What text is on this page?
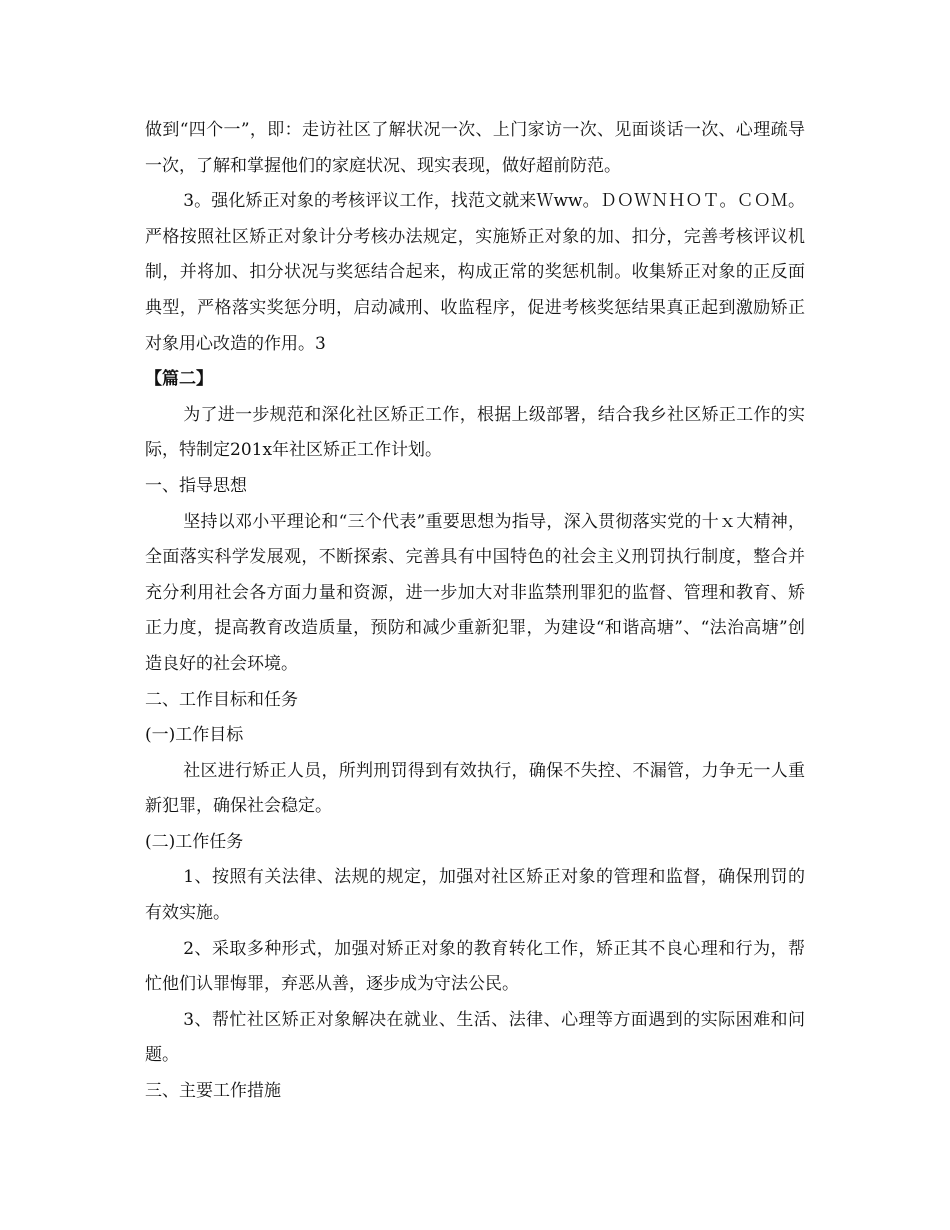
做到“四个一”，即：走访社区了解状况一次、上门家访一次、见面谈话一次、心理疏导一次，了解和掌握他们的家庭状况、现实表现，做好超前防范。

3。强化矫正对象的考核评议工作，找范文就来Ｗww。ＤＯＷＮＨＯＴ。ＣＯＭ。严格按照社区矫正对象计分考核办法规定，实施矫正对象的加、扣分，完善考核评议机制，并将加、扣分状况与奖惩结合起来，构成正常的奖惩机制。收集矫正对象的正反面典型，严格落实奖惩分明，启动减刑、收监程序，促进考核奖惩结果真正起到激励矫正对象用心改造的作用。3

【篇二】

为了进一步规范和深化社区矫正工作，根据上级部署，结合我乡社区矫正工作的实际，特制定201x年社区矫正工作计划。

一、指导思想

坚持以邓小平理论和“三个代表”重要思想为指导，深入贯彻落实党的十ｘ大精神，全面落实科学发展观，不断探索、完善具有中国特色的社会主义刑罚执行制度，整合并充分利用社会各方面力量和资源，进一步加大对非监禁刑罪犯的监督、管理和教育、矫正力度，提高教育改造质量，预防和减少重新犯罪，为建设“和谐高塘”、“法治高塘”创造良好的社会环境。

二、工作目标和任务

(一)工作目标

社区进行矫正人员，所判刑罚得到有效执行，确保不失控、不漏管，力争无一人重新犯罪，确保社会稳定。

(二)工作任务

1、按照有关法律、法规的规定，加强对社区矫正对象的管理和监督，确保刑罚的有效实施。

2、采取多种形式，加强对矫正对象的教育转化工作，矫正其不良心理和行为，帮忙他们认罪悔罪，弃恶从善，逐步成为守法公民。

3、帮忙社区矫正对象解决在就业、生活、法律、心理等方面遇到的实际困难和问题。

三、主要工作措施
